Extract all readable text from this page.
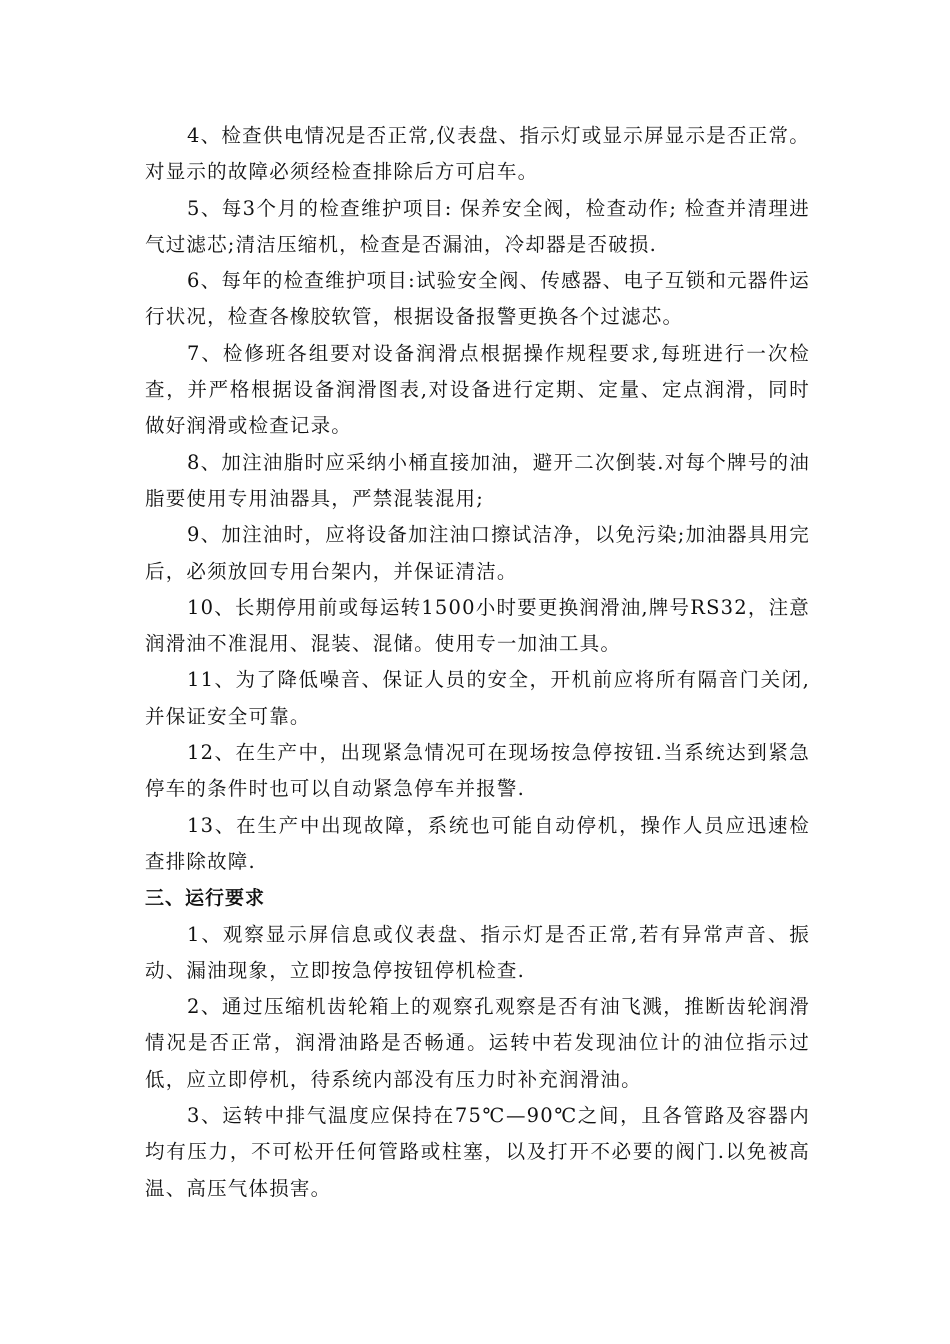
4、检查供电情况是否正常,仪表盘、指示灯或显示屏显示是否正常。对显示的故障必须经检查排除后方可启车。

5、每3个月的检查维护项目: 保养安全阀，检查动作; 检查并清理进气过滤芯;清洁压缩机，检查是否漏油，冷却器是否破损.

6、每年的检查维护项目:试验安全阀、传感器、电子互锁和元器件运行状况，检查各橡胶软管，根据设备报警更换各个过滤芯。

7、检修班各组要对设备润滑点根据操作规程要求,每班进行一次检查，并严格根据设备润滑图表,对设备进行定期、定量、定点润滑，同时做好润滑或检查记录。

8、加注油脂时应采纳小桶直接加油，避开二次倒装.对每个牌号的油脂要使用专用油器具，严禁混装混用;

9、加注油时，应将设备加注油口擦试洁净，以免污染;加油器具用完后，必须放回专用台架内，并保证清洁。

10、长期停用前或每运转1500小时要更换润滑油,牌号RS32，注意润滑油不准混用、混装、混储。使用专一加油工具。

11、为了降低噪音、保证人员的安全，开机前应将所有隔音门关闭,并保证安全可靠。

12、在生产中，出现紧急情况可在现场按急停按钮.当系统达到紧急停车的条件时也可以自动紧急停车并报警.

13、在生产中出现故障，系统也可能自动停机，操作人员应迅速检查排除故障.

三、运行要求

1、观察显示屏信息或仪表盘、指示灯是否正常,若有异常声音、振动、漏油现象，立即按急停按钮停机检查.

2、通过压缩机齿轮箱上的观察孔观察是否有油飞溅，推断齿轮润滑情况是否正常，润滑油路是否畅通。运转中若发现油位计的油位指示过低，应立即停机，待系统内部没有压力时补充润滑油。

3、运转中排气温度应保持在75℃—90℃之间，且各管路及容器内均有压力，不可松开任何管路或柱塞，以及打开不必要的阀门.以免被高温、高压气体损害。
